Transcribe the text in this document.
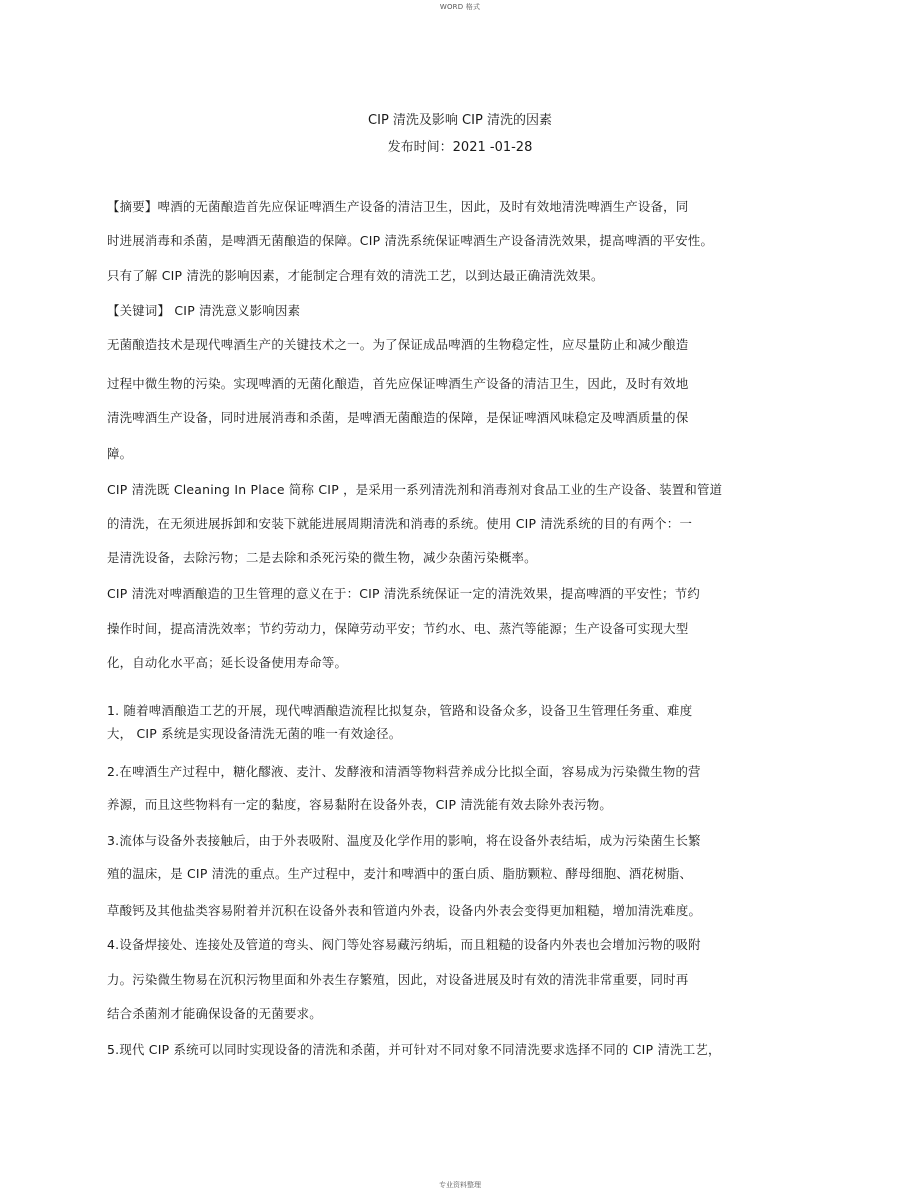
WORD 格式
CIP 清洗及影响 CIP 清洗的因素
发布时间：2021 -01-28
【摘要】啤酒的无菌酿造首先应保证啤酒生产设备的清洁卫生，因此，及时有效地清洗啤酒生产设备，同
时进展消毒和杀菌，是啤酒无菌酿造的保障。CIP 清洗系统保证啤酒生产设备清洗效果，提高啤酒的平安性。
只有了解 CIP 清洗的影响因素，才能制定合理有效的清洗工艺，以到达最正确清洗效果。
【关键词】 CIP 清洗意义影响因素
无菌酿造技术是现代啤酒生产的关键技术之一。为了保证成品啤酒的生物稳定性，应尽量防止和减少酿造
过程中微生物的污染。实现啤酒的无菌化酿造，首先应保证啤酒生产设备的清洁卫生，因此，及时有效地
清洗啤酒生产设备，同时进展消毒和杀菌，是啤酒无菌酿造的保障，是保证啤酒风味稳定及啤酒质量的保
障。
CIP 清洗既 Cleaning In Place 简称 CIP ，是采用一系列清洗剂和消毒剂对食品工业的生产设备、装置和管道
的清洗，在无须进展拆卸和安装下就能进展周期清洗和消毒的系统。使用 CIP 清洗系统的目的有两个：一
是清洗设备，去除污物；二是去除和杀死污染的微生物，减少杂菌污染概率。
CIP 清洗对啤酒酿造的卫生管理的意义在于：CIP 清洗系统保证一定的清洗效果，提高啤酒的平安性；节约
操作时间，提高清洗效率；节约劳动力，保障劳动平安；节约水、电、蒸汽等能源；生产设备可实现大型
化，自动化水平高；延长设备使用寿命等。
1. 随着啤酒酿造工艺的开展，现代啤酒酿造流程比拟复杂，管路和设备众多，设备卫生管理任务重、难度
大， CIP 系统是实现设备清洗无菌的唯一有效途径。
2.在啤酒生产过程中，糖化醪液、麦汁、发酵液和清酒等物料营养成分比拟全面，容易成为污染微生物的营
养源，而且这些物料有一定的黏度，容易黏附在设备外表，CIP 清洗能有效去除外表污物。
3.流体与设备外表接触后，由于外表吸附、温度及化学作用的影响，将在设备外表结垢，成为污染菌生长繁
殖的温床，是 CIP 清洗的重点。生产过程中，麦汁和啤酒中的蛋白质、脂肪颗粒、酵母细胞、酒花树脂、
草酸钙及其他盐类容易附着并沉积在设备外表和管道内外表，设备内外表会变得更加粗糙，增加清洗难度。
4.设备焊接处、连接处及管道的弯头、阀门等处容易藏污纳垢，而且粗糙的设备内外表也会增加污物的吸附
力。污染微生物易在沉积污物里面和外表生存繁殖，因此，对设备进展及时有效的清洗非常重要，同时再
结合杀菌剂才能确保设备的无菌要求。
5.现代 CIP 系统可以同时实现设备的清洗和杀菌，并可针对不同对象不同清洗要求选择不同的 CIP 清洗工艺，
专业资料整理
